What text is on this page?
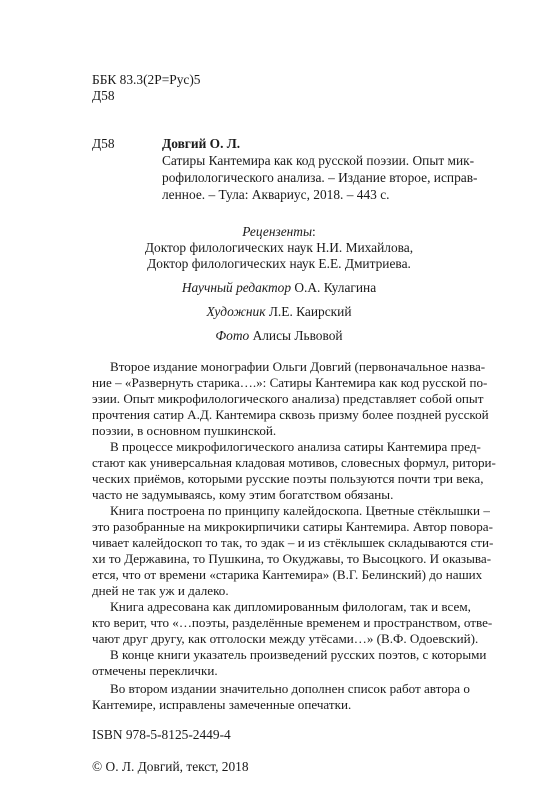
ББК 83.3(2Р=Рус)5
Д58
Д58	Довгий О. Л.
Сатиры Кантемира как код русской поэзии. Опыт мик-
рофилологического анализа. – Издание второе, исправ-
ленное. – Тула: Аквариус, 2018. – 443 с.
Рецензенты:
Доктор филологических наук Н.И. Михайлова,
Доктор филологических наук Е.Е. Дмитриева.
Научный редактор О.А. Кулагина
Художник Л.Е. Каирский
Фото Алисы Львовой
Второе издание монографии Ольги Довгий (первоначальное назва-
ние – «Развернуть старика….»: Сатиры Кантемира как код русской по-
эзии. Опыт микрофилологического анализа) представляет собой опыт
прочтения сатир А.Д. Кантемира сквозь призму более поздней русской
поэзии, в основном пушкинской.
В процессе микрофилогического анализа сатиры Кантемира пред-
стают как универсальная кладовая мотивов, словесных формул, ритори-
ческих приёмов, которыми русские поэты пользуются почти три века,
часто не задумываясь, кому этим богатством обязаны.
Книга построена по принципу калейдоскопа. Цветные стёклышки –
это разобранные на микрокирпичики сатиры Кантемира. Автор повора-
чивает калейдоскоп то так, то эдак – и из стёклышек складываются сти-
хи то Державина, то Пушкина, то Окуджавы, то Высоцкого. И оказыва-
ется, что от времени «старика Кантемира» (В.Г. Белинский) до наших
дней не так уж и далеко.
Книга адресована как дипломированным филологам, так и всем,
кто верит, что «…поэты, разделённые временем и пространством, отве-
чают друг другу, как отголоски между утёсами…» (В.Ф. Одоевский).
В конце книги указатель произведений русских поэтов, с которыми
отмечены переклички.
Во втором издании значительно дополнен список работ автора о
Кантемире, исправлены замеченные опечатки.
ISBN 978-5-8125-2449-4
© О. Л. Довгий, текст, 2018
